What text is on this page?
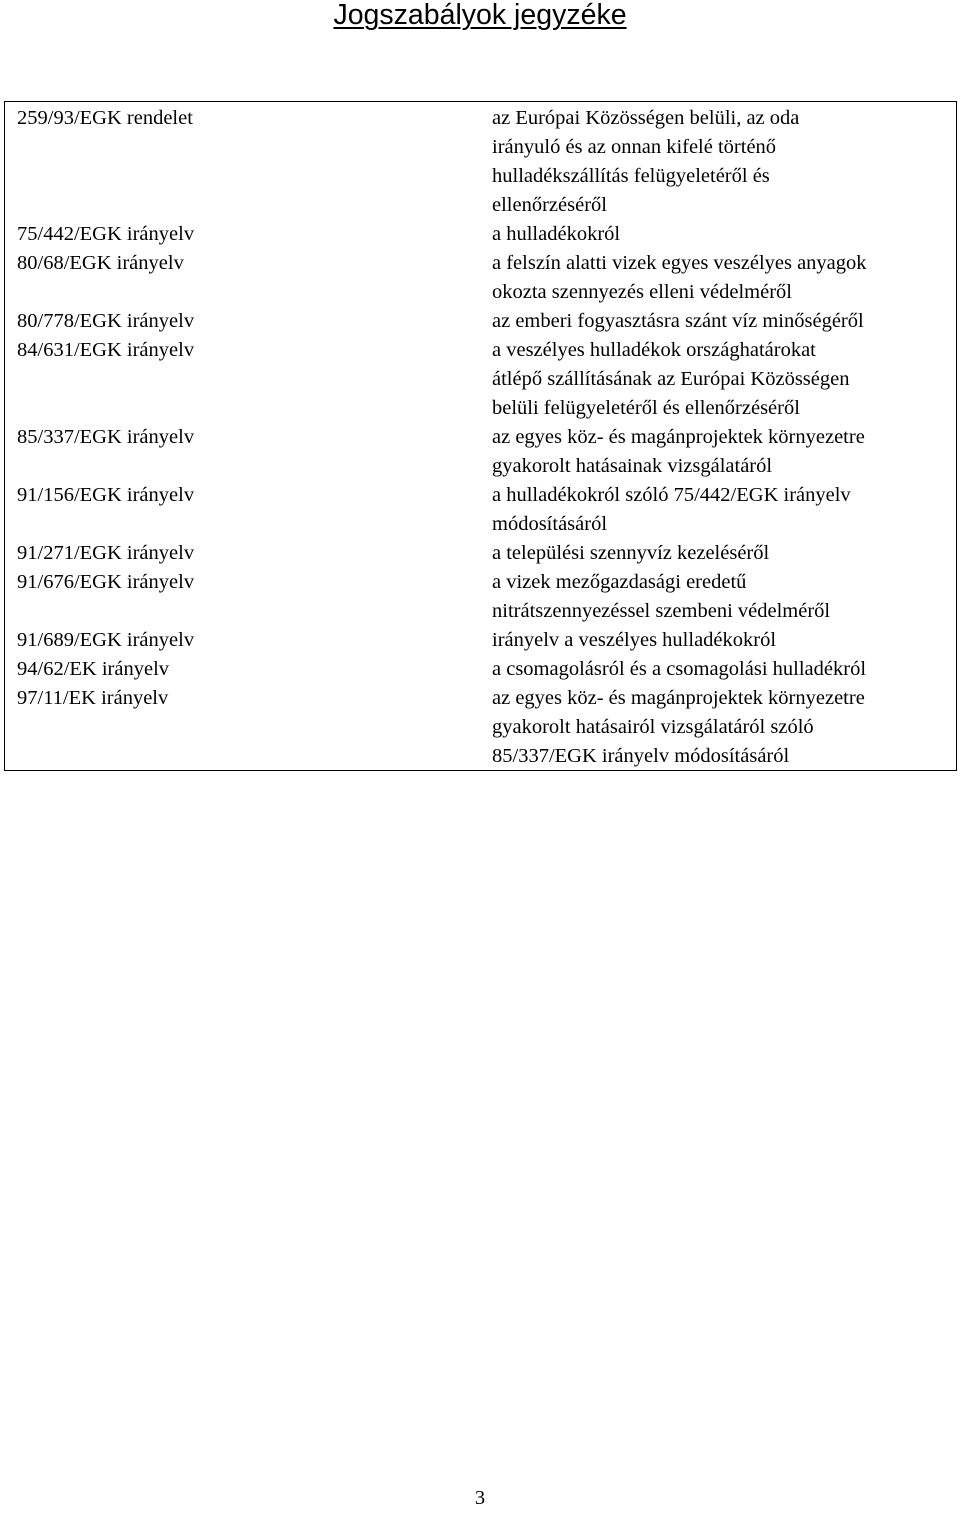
Jogszabályok jegyzéke
259/93/EGK rendelet	az Európai Közösségen belüli, az oda
irányuló és az onnan kifelé történő
hulladékszállítás felügyeletéről és
ellenőrzéséről
75/442/EGK irányelv	a hulladékokról
80/68/EGK irányelv	a felszín alatti vizek egyes veszélyes anyagok
okozta szennyezés elleni védelméről
80/778/EGK irányelv	az emberi fogyasztásra szánt víz minőségéről
84/631/EGK irányelv	a veszélyes hulladékok országhatárokat
átlépő szállításának az Európai Közösségen
belüli felügyeletéről és ellenőrzéséről
85/337/EGK irányelv	az egyes köz- és magánprojektek környezetre
gyakorolt hatásainak vizsgálatáról
91/156/EGK irányelv	a hulladékokról szóló 75/442/EGK irányelv
módosításáról
91/271/EGK irányelv	a települési szennyvíz kezeléséről
91/676/EGK irányelv	a vizek mezőgazdasági eredetű
nitrátszennyezéssel szembeni védelméről
91/689/EGK irányelv	irányelv a veszélyes hulladékokról
94/62/EK irányelv	a csomagolásról és a csomagolási hulladékról
97/11/EK irányelv	az egyes köz- és magánprojektek környezetre
gyakorolt hatásairól vizsgálatáról szóló
85/337/EGK irányelv módosításáról
3
